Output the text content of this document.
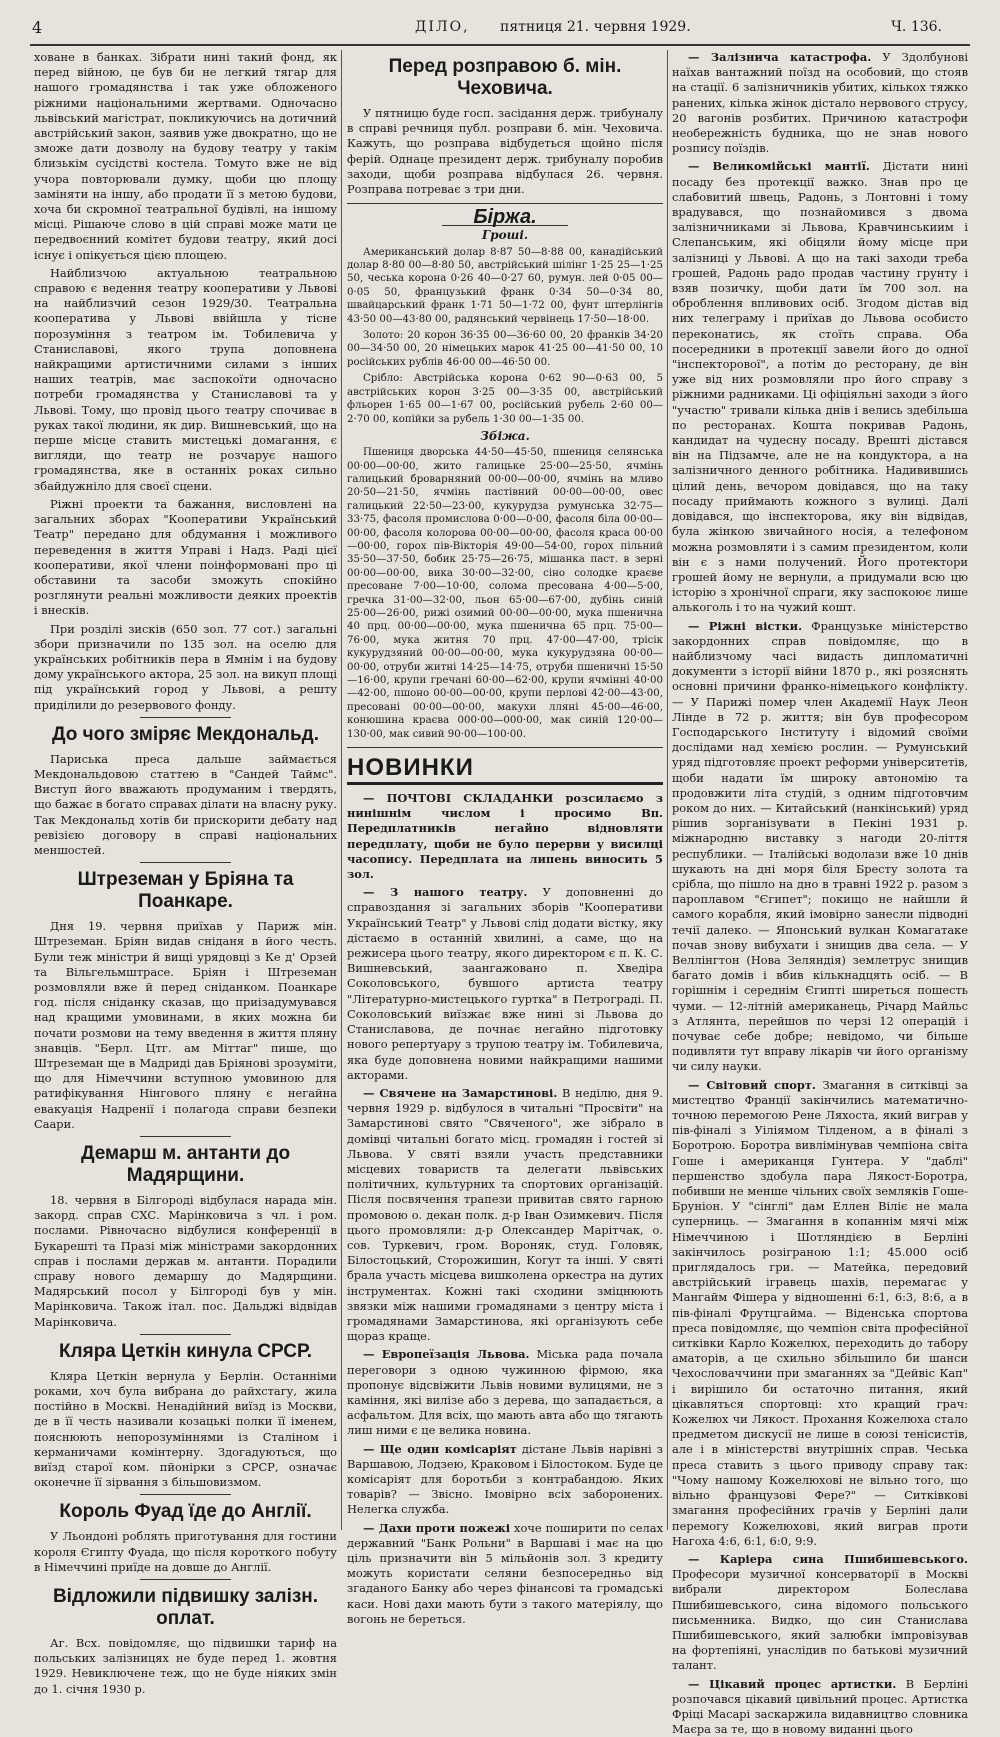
4	ДІЛО, пятниця 21. червня 1929.	Ч. 136.

ховане в банках. Зібрати нині такий фонд, як перед війною, це був би не легкий тягар для нашого громадянства і так уже обложеного ріжними національними жертвами. Одночасно львівський магістрат, покликуючись на дотичний австрійський закон, заявив уже двократно, що не зможе дати дозволу на будову театру у такім близькім сусідстві костела. Томуто вже не від учора повторювали думку, щоби цю площу заміняти на іншу, або продати її з метою будови, хоча би скромної театральної будівлі, на іншому місці. Рішаюче слово в цій справі може мати це передвоєнний комітет будови театру, який досі існує і опікується цією площею.

Найблизчою актуальною театральною справою є ведення театру кооперативи у Львові на найблизчий сезон 1929/30. Театральна кооператива у Львові ввійшла у тісне порозуміння з театром ім. Тобилевича у Станиславові, якого трупа доповнена найкращими артистичними силами з інших наших театрів, має заспокоїти одночасно потреби громадянства у Станиславові та у Львові. Тому, що провід цього театру спочиває в руках такої людини, як дир. Вишневський, що на перше місце ставить мистецькі домагання, є вигляди, що театр не розчарує нашого громадянства, яке в останніх роках сильно збайдужніло для своєї сцени.

Ріжні проекти та бажання, висловлені на загальних зборах "Кооперативи Український Театр" передано для обдумання і можливого переведення в життя Управі і Надз. Раді цієї кооперативи, якої члени поінформовані про ці обставини та засоби зможуть спокійно розглянути реальні можливости деяких проектів і внесків.

При розділі зисків (650 зол. 77 сот.) загальні збори призначили по 135 зол. на оселю для українських робітників пера в Ямнім і на будову дому українського актора, 25 зол. на викуп площі під український город у Львові, а решту приділили до резервового фонду.

До чого зміряє Мекдональд.

Париська преса дальше займається Мекдональдовою статтею в "Сандей Таймс". Виступ його вважають продуманим і твердять, що бажає в богато справах ділати на власну руку. Так Мекдональд хотів би прискорити дебату над ревізією договору в справі національних меншостей.

Штреземан у Бріяна та Поанкаре.

Дня 19. червня приїхав у Париж мін. Штреземан. Бріян видав сніданя в його честь. Були теж міністри й вищі урядовці з Ке д' Орзей та Вільгельмштрасе. Бріян і Штреземан розмовляли вже й перед сніданком. Поанкаре год. після сніданку сказав, що приізадумувався над кращими умовинами, в яких можна би почати розмови на тему введення в життя пляну знавців. "Берл. Цтг. ам Міттаг" пише, що Штреземан ще в Мадриді дав Бріянові зрозуміти, що для Німеччини вступною умовиною для ратифікування Нінгового пляну є негайна евакуація Надренії і полагода справи безпеки Саари.

Демарш м. антанти до Мадярщини.

18. червня в Білгороді відбулася нарада мін. закорд. справ СХС. Марінковича з чл. і ром. послами. Рівночасно відбулися конференції в Букарешті та Празі між міністрами закордонних справ і послами держав м. антанти. Порадили справу нового демаршу до Мадярщини. Мадярський посол у Білгороді був у мін. Марінковича. Також італ. пос. Дальджі відвідав Марінковича.

Кляра Цеткін кинула СРСР.

Кляра Цеткін вернула у Берлін. Останніми роками, хоч була вибрана до райхстагу, жила постійно в Москві. Ненадійний виїзд із Москви, де в її честь називали козацькі полки її іменем, пояснюють непорозуміннями із Сталіном і керманичами комінтерну. Здогадуються, що виїзд старої ком. пйонірки з СРСР, означає оконечне її зірвання з більшовизмом.

Король Фуад їде до Англії.

У Льондоні роблять приготування для гостини короля Єгипту Фуада, що після короткого побуту в Німеччині приїде на довше до Англії.

Відложили підвишку залізн. оплат.

Аг. Всх. повідомляє, що підвишки тариф на польських залізницях не буде перед 1. жовтня 1929. Невиключене теж, що не буде ніяких змін до 1. січня 1930 р.

Перед розправою б. мін. Чеховича.

У пятницю буде госп. засідання держ. трибуналу в справі речниця публ. розправи б. мін. Чеховича. Кажуть, що розправа відбудеться щойно після ферій. Однаце президент держ. трибуналу поробив заходи, щоби розправа відбулася 26. червня. Розправа потреває з три дни.

Біржа.
Гроші.

Американський долар 8·87 50—8·88 00, канадійський долар 8·80 00—8·80 50, австрійський шілінг 1·25 25—1·25 50, чеська корона 0·26 40—0·27 60, румун. лей 0·05 00—0·05 50, французький франк 0·34 50—0·34 80, швайцарський франк 1·71 50—1·72 00, фунт штерлінгів 43·50 00—43·80 00, радянський червінець 17·50—18·00.

Золото: 20 корон 36·35 00—36·60 00, 20 франків 34·20 00—34·50 00, 20 німецьких марок 41·25 00—41·50 00, 10 російських рублів 46·00 00—46·50 00.

Срібло: Австрійська корона 0·62 90—0·63 00, 5 австрійських корон 3·25 00—3·35 00, австрійський фльорен 1·65 00—1·67 00, російський рубель 2·60 00—2·70 00, копійки за рубель 1·30 00—1·35 00.

Збіжа.

Пшениця дворська 44·50—45·50, пшениця селянська 00·00—00·00, жито галицьке 25·00—25·50, ячмінь галицький броварняний 00·00—00·00, ячмінь на мливо 20·50—21·50, ячмінь пастівний 00·00—00·00, овес галицький 22·50—23·00, кукурудза румунська 32·75—33·75, фасоля промислова 0·00—0·00, фасоля біла 00·00—00·00, фасоля колорова 00·00—00·00, фасоля краса 00·00—00·00, горох пів-Вікторія 49·00—54·00, горох пільний 35·50—37·50, бобик 25·75—26·75, мішанка паст. в зерні 00·00—00·00, вика 30·00—32·00, сіно солодке краєве пресоване 7·00—10·00, солома пресована 4·00—5·00, гречка 31·00—32·00, льон 65·00—67·00, дубінь синій 25·00—26·00, рижі озимий 00·00—00·00, мука пшенична 40 прц. 00·00—00·00, мука пшенична 65 прц. 75·00—76·00, мука житня 70 прц. 47·00—47·00, трісік кукурудзяний 00·00—00·00, мука кукурудзяна 00·00—00·00, отруби житні 14·25—14·75, отруби пшеничні 15·50—16·00, крупи гречані 60·00—62·00, крупи ячмінні 40·00—42·00, пшоно 00·00—00·00, крупи перлові 42·00—43·00, пресовані 00·00—00·00, макухи лляні 45·00—46·00, конюшина краєва 000·00—000·00, мак синій 120·00—130·00, мак сивий 90·00—100·00.

НОВИНКИ

— ПОЧТОВІ СКЛАДАНКИ розсилаємо з нинішнім числом і просимо Вп. Передплатників негайно відновляти передплату, щоби не було перерви у висилці часопису. Передплата на липень виносить 5 зол.

— З нашого театру. У доповненні до справоздання зі загальних зборів "Кооперативи Український Театр" у Львові слід додати вістку, яку дістаємо в останній хвилині, а саме, що на режисера цього театру, якого директором є п. К. С. Вишневський, заангажовано п. Хведіра Соколовського, бувшого артиста театру "Літературно-мистецького гуртка" в Петрограді. П. Соколовський виїзжає вже нині зі Львова до Станиславова, де почнає негайно підготовку нового репертуару з трупою театру ім. Тобилевича, яка буде доповнена новими найкращими нашими акторами.

— Свячене на Замарстинові. В неділю, дня 9. червня 1929 р. відбулося в читальні "Просвіти" на Замарстинові свято "Свяченого", же зібрало в домівці читальні богато місц. громадян і гостей зі Львова. У святі взяли участь представники місцевих товариств та делегати львівських політичних, культурних та спортових організацій. Після посвячення трапези привитав свято гарною промовою о. декан полк. д-р Іван Озимкевич. Після цього промовляли: д-р Олександер Марітчак, о. сов. Туркевич, гром. Вороняк, студ. Головяк, Білостоцький, Сторожишин, Когут та інші. У святі брала участь місцева вишколена оркестра на дутих інструментах. Кожні такі сходини зміцнюють звязки між нашими громадянами з центру міста і громадянами Замарстинова, які організують себе щораз краще.

— Европеїзація Львова. Міська рада почала переговори з одною чужинною фірмою, яка пропонує відсвіжити Львів новими вулицями, не з каміння, які вилізе або з дерева, що западається, а асфальтом. Для всіх, що мають авта або що тягають лиш ними є це велика новина.

— Ще один комісаріят дістане Львів нарівні з Варшавою, Лодзею, Краковом і Білостоком. Буде це комісаріят для боротьби з контрабандою. Яких товарів? — Звісно. Імовірно всіх заборонених. Нелегка служба.

— Дахи проти пожежі хоче поширити по селах державний "Банк Рольни" в Варшаві і має на цю ціль призначити він 5 мільйонів зол. З кредиту можуть користати селяни безпосередньо від згаданого Банку або через фінансові та громадські каси. Нові дахи мають бути з такого матеріялу, що вогонь не береться.

— Залізнича катастрофа. У Здолбунові наїхав вантажний поїзд на особовий, що стояв на стації. 6 залізничників убитих, кількох тяжко ранених, кілька жінок дістало нервового струсу, 20 вагонів розбитих. Причиною катастрофи необережність будника, що не знав нового розпису поїздів.

— Великомійські мантії. Дістати нині посаду без протекції важко. Знав про це слабовитий швець, Радонь, з Лонтовні і тому врадувався, що познайомився з двома залізничниками зі Львова, Кравчинськиим і Слепанським, які обіцяли йому місце при залізниці у Львові. А що на такі заходи треба грошей, Радонь радо продав частину грунту і взяв позичку, щоби дати їм 700 зол. на оброблення впливових осіб. Згодом дістав від них телеграму і приїхав до Львова особисто переконатись, як стоїть справа. Оба посередники в протекції завели його до одної "інспекторової", а потім до ресторану, де він уже від них розмовляли про його справу з ріжними радниками. Ці офіціяльні заходи з його "участю" тривали кілька днів і велись здебільша по ресторанах. Кошта покривав Радонь, кандидат на чудесну посаду. Врешті дістався він на Підзамче, але не на кондуктора, а на залізничного денного робітника. Надивившись цілий день, вечором довідався, що на таку посаду приймають кожного з вулиці. Далі довідався, що інспекторова, яку він відвідав, була жінкою звичайного носія, а телефоном можна розмовляти і з самим президентом, коли він є з нами получений. Його протектори грошей йому не вернули, а придумали всю цю історію з хронічної спраги, яку заспокоює лише алькоголь і то на чужий кошт.

— Ріжні вістки. Французьке міністерство закордонних справ повідомляє, що в найблизчому часі видасть дипломатичні документи з історії війни 1870 р., які розяснять основні причини франко-німецького конфлікту. — У Парижі помер член Академії Наук Леон Лінде в 72 р. життя; він був професором Господарського Інституту і відомий своїми дослідами над хемією рослин. — Румунський уряд підготовляє проект реформи університетів, щоби надати їм широку автономію та продовжити літа студій, з одним підготовчим роком до них. — Китайський (нанкінський) уряд рішив зорганізувати в Пекіні 1931 р. міжнародню виставку з нагоди 20-ліття республики. — Італійські водолази вже 10 днів шукають на дні моря біля Бресту золота та срібла, що пішло на дно в травні 1922 р. разом з пароплавом "Єгипет"; покищо не найшли й самого корабля, який імовірно занесли підводні течії далеко. — Японський вулкан Комагатаке почав знову вибухати і знищив два села. — У Веллінгтон (Нова Зеляндія) землетрус знищив багато домів і вбив кількнадцять осіб. — В горішнім і середнім Єгипті ширеться пошесть чуми. — 12-літній американець, Річард Майльс з Атлянта, перейшов по черзі 12 операцій і почуває себе добре; невідомо, чи більше подивляти тут вправу лікарів чи його організму чи силу науки.

— Світовий спорт. Змагання в ситківці за мистецтво Франції закінчились математично-точною перемогою Рене Ляхоста, який виграв у пів-фіналі з Уіліямом Тілденом, а в фіналі з Боротрою. Боротра вивлімінував чемпіона світа Гоше і американця Гунтера. У "даблі" першенство здобула пара Лякост-Боротра, побивши не менше чільних своїх земляків Гоше-Бруніон. У "сінглі" дам Еллен Віліє не мала суперниць. — Змагання в копаннім мячі між Німеччиною і Шотляндією в Берліні закінчилось розіграною 1:1; 45.000 осіб приглядалось гри. — Матейка, передовий австрійський ігравець шахів, перемагає у Мангайм Фішера у відношенні 6:1, 6:3, 8:6, а в пів-фіналі Фрутцгайма. — Віденська спортова преса повідомляє, що чемпіон світа професійної ситківки Карло Кожелюх, переходить до табору аматорів, а це схильно збільшило би шанси Чехословаччини при змаганнях за "Дейвіс Кап" і вирішило би остаточно питання, який цікавляться спортовці: хто кращий грач: Кожелюх чи Лякост. Прохання Кожелюха стало предметом дискусії не лише в союзі тенісистів, але і в міністерстві внутрішніх справ. Чеська преса ставить з цього приводу справу так: "Чому нашому Кожелюхові не вільно того, що вільно французові Фере?" — Ситківкові змагання професійних грачів у Берліні дали перемогу Кожелюхові, який виграв проти Нагоха 4:6, 6:1, 6:0, 9:9.

— Каріера сина Пшибишевського. Професори музичної консерваторії в Москві вибрали директором Болеслава Пшибишевського, сина відомого польського письменника. Видко, що син Станислава Пшибишевського, який залюбки імпровізував на фортепіяні, унаслідив по батькові музичний талант.

— Цікавий процес артистки. В Берліні розпочався цікавий цивільний процес. Артистка Фріці Масарі заскаржила видавництво словника Маєра за те, що в новому виданні цього
